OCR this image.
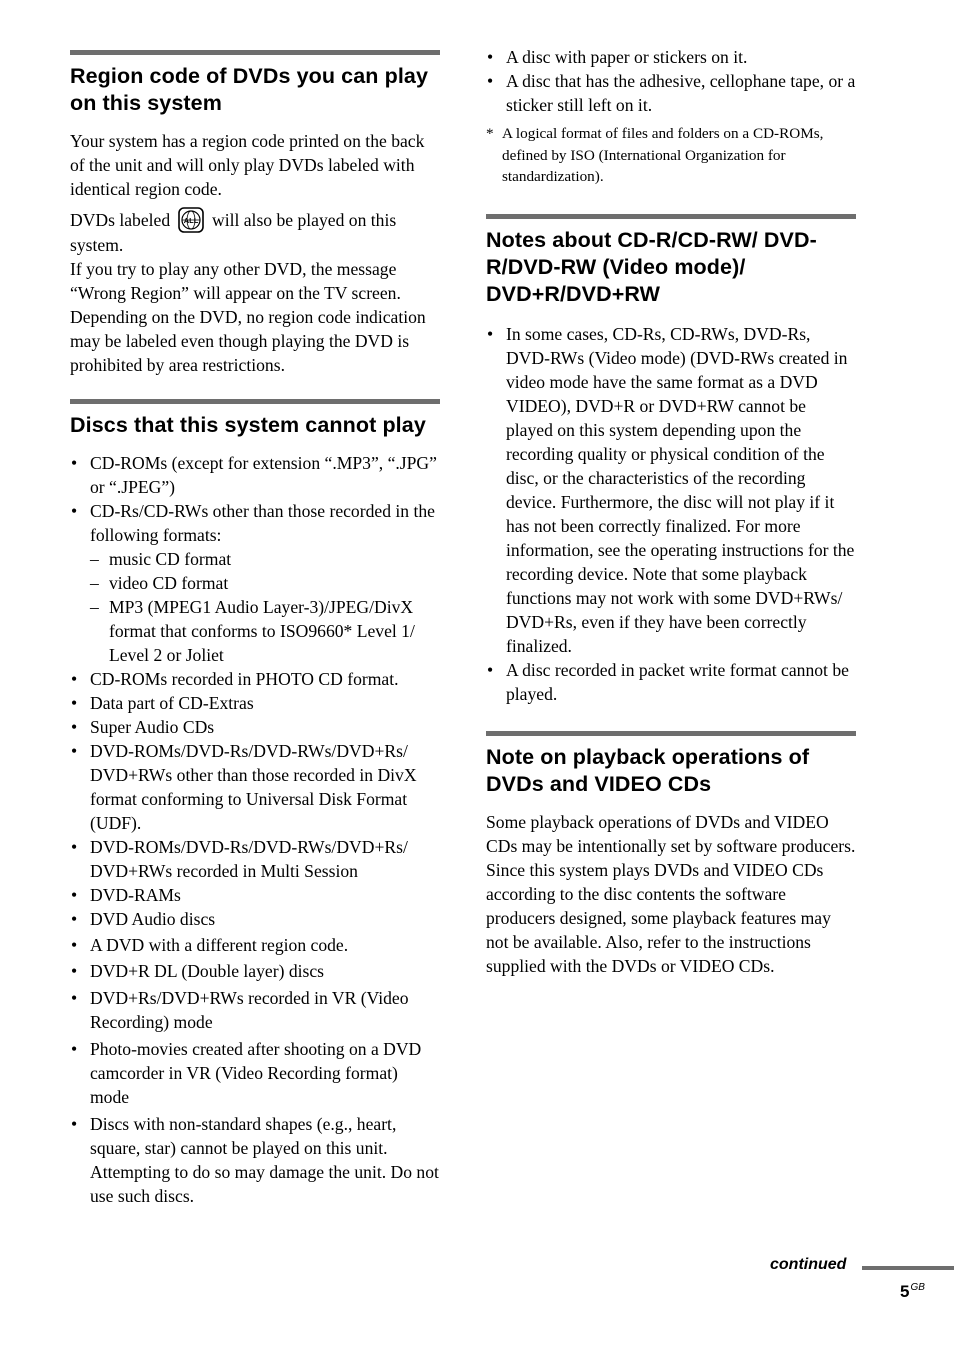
Region code of DVDs you can play on this system

Your system has a region code printed on the back of the unit and will only play DVDs labeled with identical region code.

DVDs labeled ALL will also be played on this system.

If you try to play any other DVD, the message “Wrong Region” will appear on the TV screen. Depending on the DVD, no region code indication may be labeled even though playing the DVD is prohibited by area restrictions.

Discs that this system cannot play
• CD-ROMs (except for extension “.MP3”, “.JPG” or “.JPEG”)
• CD-Rs/CD-RWs other than those recorded in the following formats:
– music CD format
– video CD format
– MP3 (MPEG1 Audio Layer-3)/JPEG/DivX format that conforms to ISO9660* Level 1/ Level 2 or Joliet
• CD-ROMs recorded in PHOTO CD format.
• Data part of CD-Extras
• Super Audio CDs
• DVD-ROMs/DVD-Rs/DVD-RWs/DVD+Rs/ DVD+RWs other than those recorded in DivX format conforming to Universal Disk Format (UDF).
• DVD-ROMs/DVD-Rs/DVD-RWs/DVD+Rs/ DVD+RWs recorded in Multi Session
• DVD-RAMs
• DVD Audio discs
• A DVD with a different region code.
• DVD+R DL (Double layer) discs
• DVD+Rs/DVD+RWs recorded in VR (Video Recording) mode
• Photo-movies created after shooting on a DVD camcorder in VR (Video Recording format) mode
• Discs with non-standard shapes (e.g., heart, square, star) cannot be played on this unit. Attempting to do so may damage the unit. Do not use such discs.
• A disc with paper or stickers on it.
• A disc that has the adhesive, cellophane tape, or a sticker still left on it.
* A logical format of files and folders on a CD-ROMs, defined by ISO (International Organization for standardization).
Notes about CD-R/CD-RW/ DVD-R/DVD-RW (Video mode)/ DVD+R/DVD+RW
• In some cases, CD-Rs, CD-RWs, DVD-Rs, DVD-RWs (Video mode) (DVD-RWs created in video mode have the same format as a DVD VIDEO), DVD+R or DVD+RW cannot be played on this system depending upon the recording quality or physical condition of the disc, or the characteristics of the recording device. Furthermore, the disc will not play if it has not been correctly finalized. For more information, see the operating instructions for the recording device. Note that some playback functions may not work with some DVD+RWs/ DVD+Rs, even if they have been correctly finalized.
• A disc recorded in packet write format cannot be played.
Note on playback operations of DVDs and VIDEO CDs

Some playback operations of DVDs and VIDEO CDs may be intentionally set by software producers. Since this system plays DVDs and VIDEO CDs according to the disc contents the software producers designed, some playback features may not be available. Also, refer to the instructions supplied with the DVDs or VIDEO CDs.

continued
$5^{GB}$
